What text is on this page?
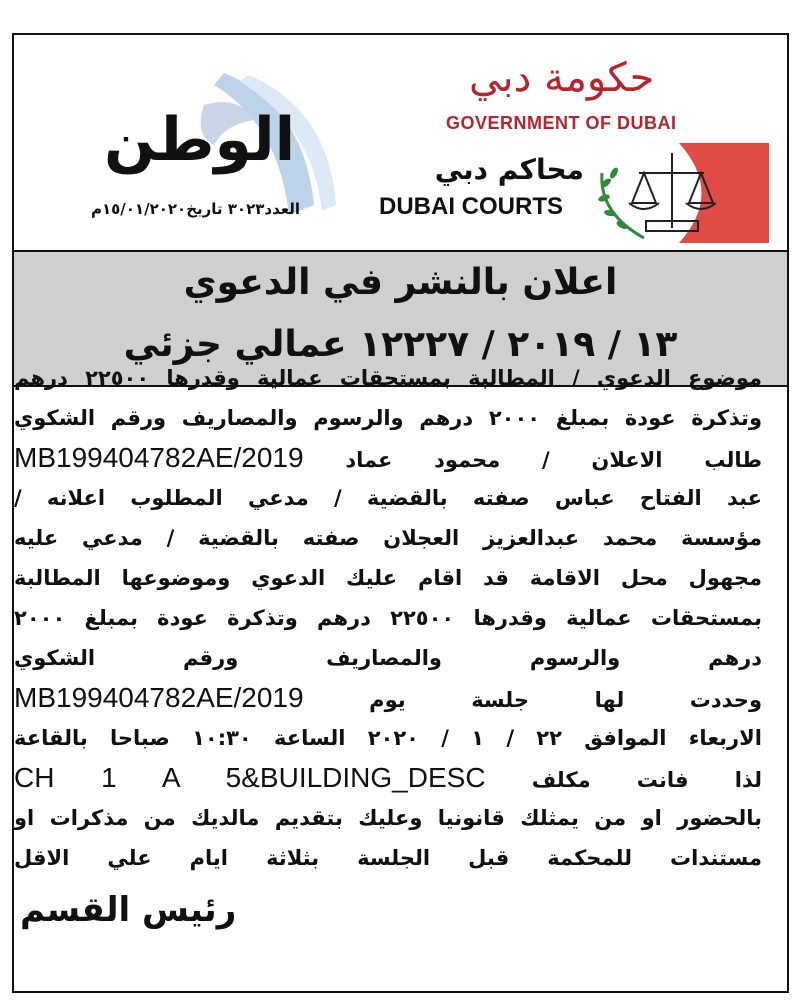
الوطن
العدد٣٠٢٣ تاريخ١٥/٠١/٢٠٢٠م
حكومة دبي
GOVERNMENT OF DUBAI
محاكم دبي
DUBAI COURTS
اعلان بالنشر في الدعوي
١٣ / ٢٠١٩ / ١٢٢٢٧ عمالي جزئي
موضوع الدعوي / المطالبة بمستحقات عمالية وقدرها ٢٢٥٠٠ درهم
وتذكرة عودة بمبلغ ٢٠٠٠ درهم والرسوم والمصاريف ورقم الشكوي
طالب الاعلان / محمود عماد MB199404782AE/2019
عبد الفتاح عباس صفته بالقضية / مدعي المطلوب اعلانه /
مؤسسة محمد عبدالعزيز العجلان صفته بالقضية / مدعي عليه
مجهول محل الاقامة قد اقام عليك الدعوي وموضوعها المطالبة
بمستحقات عمالية وقدرها ٢٢٥٠٠ درهم وتذكرة عودة بمبلغ ٢٠٠٠
درهم والرسوم والمصاريف ورقم الشكوي
وحددت لها جلسة يوم MB199404782AE/2019
الاربعاء الموافق ٢٢ / ١ / ٢٠٢٠ الساعة ١٠:٣٠ صباحا بالقاعة
لذا فانت مكلف CH 1 A 5&BUILDING_DESC
بالحضور او من يمثلك قانونيا وعليك بتقديم مالديك من مذكرات او
مستندات للمحكمة قبل الجلسة بثلاثة ايام علي الاقل
رئيس القسم
